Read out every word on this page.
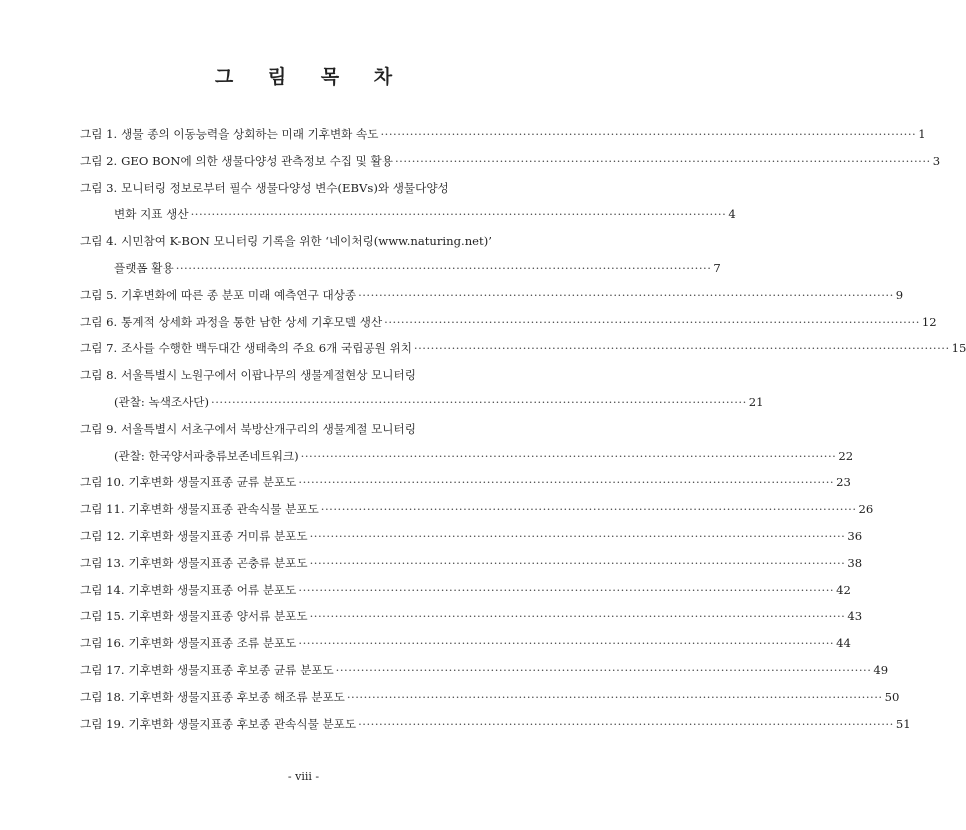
그 림 목 차
그림 1. 생물 종의 이동능력을 상회하는 미래 기후변화 속도 ·····	1
그림 2. GEO BON에 의한 생물다양성 관측정보 수집 및 활용 ·····	3
그림 3. 모니터링 정보로부터 필수 생물다양성 변수(EBVs)와 생물다양성
변화 지표 생산 ·····	4
그림 4. 시민참여 K-BON 모니터링 기록을 위한 ‘네이처링(www.naturing.net)’
플랫폼 활용 ·····	7
그림 5. 기후변화에 따른 종 분포 미래 예측연구 대상종 ·····	9
그림 6. 통계적 상세화 과정을 통한 남한 상세 기후모델 생산 ·····	12
그림 7. 조사를 수행한 백두대간 생태축의 주요 6개 국립공원 위치 ·····	15
그림 8. 서울특별시 노원구에서 이팝나무의 생물계절현상 모니터링
(관찰: 녹색조사단) ·····	21
그림 9. 서울특별시 서초구에서 북방산개구리의 생물계절 모니터링
(관찰: 한국양서파충류보존네트워크) ·····	22
그림 10. 기후변화 생물지표종 균류 분포도 ·····	23
그림 11. 기후변화 생물지표종 관속식물 분포도 ·····	26
그림 12. 기후변화 생물지표종 거미류 분포도 ·····	36
그림 13. 기후변화 생물지표종 곤충류 분포도 ·····	38
그림 14. 기후변화 생물지표종 어류 분포도 ·····	42
그림 15. 기후변화 생물지표종 양서류 분포도 ·····	43
그림 16. 기후변화 생물지표종 조류 분포도 ·····	44
그림 17. 기후변화 생물지표종 후보종 균류 분포도 ·····	49
그림 18. 기후변화 생물지표종 후보종 해조류 분포도 ·····	50
그림 19. 기후변화 생물지표종 후보종 관속식물 분포도 ·····	51
- viii -
